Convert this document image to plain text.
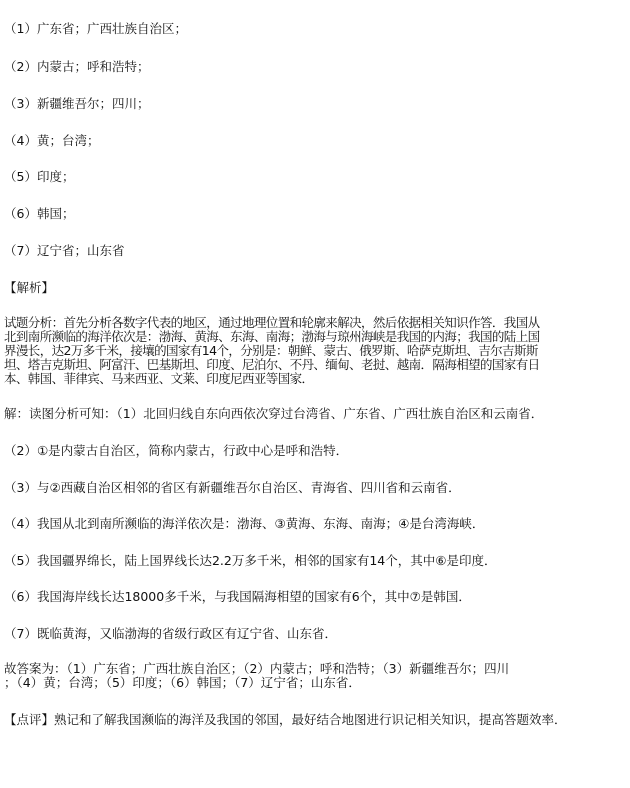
（1）广东省；广西壮族自治区；
（2）内蒙古；呼和浩特；
（3）新疆维吾尔；四川；
（4）黄；台湾；
（5）印度；
（6）韩国；
（7）辽宁省；山东省
【解析】
试题分析：首先分析各数字代表的地区，通过地理位置和轮廓来解决，然后依据相关知识作答．我国从
北到南所濒临的海洋依次是：渤海、黄海、东海、南海；渤海与琼州海峡是我国的内海；我国的陆上国
界漫长，达2万多千米，接壤的国家有14个，分别是：朝鲜、蒙古、俄罗斯、哈萨克斯坦、吉尔吉斯斯
坦、塔吉克斯坦、阿富汗、巴基斯坦、印度、尼泊尔、不丹、缅甸、老挝、越南．隔海相望的国家有日
本、韩国、菲律宾、马来西亚、文莱、印度尼西亚等国家．
解：读图分析可知：（1）北回归线自东向西依次穿过台湾省、广东省、广西壮族自治区和云南省．
（2）①是内蒙古自治区，简称内蒙古，行政中心是呼和浩特．
（3）与②西藏自治区相邻的省区有新疆维吾尔自治区、青海省、四川省和云南省．
（4）我国从北到南所濒临的海洋依次是：渤海、③黄海、东海、南海；④是台湾海峡．
（5）我国疆界绵长，陆上国界线长达2.2万多千米，相邻的国家有14个，其中⑥是印度．
（6）我国海岸线长达18000多千米，与我国隔海相望的国家有6个，其中⑦是韩国．
（7）既临黄海，又临渤海的省级行政区有辽宁省、山东省．
故答案为：（1）广东省；广西壮族自治区；（2）内蒙古；呼和浩特；（3）新疆维吾尔；四川
；（4）黄；台湾；（5）印度；（6）韩国；（7）辽宁省；山东省．
【点评】熟记和了解我国濒临的海洋及我国的邻国，最好结合地图进行识记相关知识，提高答题效率．
